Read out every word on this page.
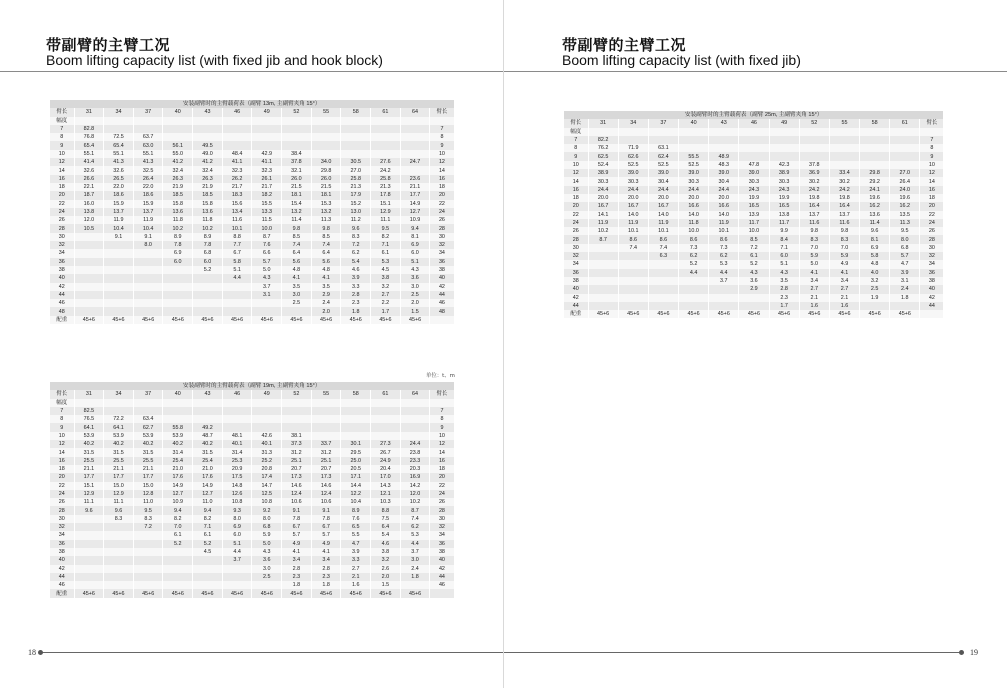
带副臂的主臂工况
Boom lifting capacity list (with fixed jib and hook block)
安装副臂时的主臂载荷表（副臂 13m, 主副臂夹角 15°）													
臂长	31	34	37	40	43	46	49	52	55	58	61	64	臂长
幅度													
7	82.8												7
8	76.8	72.5	63.7										8
9	65.4	65.4	63.0	56.1	49.5								9
10	55.1	55.1	55.1	55.0	49.0	48.4	42.9	38.4					10
12	41.4	41.3	41.3	41.2	41.2	41.1	41.1	37.8	34.0	30.5	27.6	24.7	12
14	32.6	32.6	32.5	32.4	32.4	32.3	32.3	32.1	29.8	27.0	24.2		14
16	26.6	26.5	26.4	26.3	26.3	26.2	26.1	26.0	26.0	25.8	25.8	23.6	16
18	22.1	22.0	22.0	21.9	21.9	21.7	21.7	21.5	21.5	21.3	21.3	21.1	18
20	18.7	18.6	18.6	18.5	18.5	18.3	18.2	18.1	18.1	17.9	17.8	17.7	20
22	16.0	15.9	15.9	15.8	15.8	15.6	15.5	15.4	15.3	15.2	15.1	14.9	22
24	13.8	13.7	13.7	13.6	13.6	13.4	13.3	13.2	13.2	13.0	12.9	12.7	24
26	12.0	11.9	11.9	11.8	11.8	11.6	11.5	11.4	11.3	11.2	11.1	10.9	26
28	10.5	10.4	10.4	10.2	10.2	10.1	10.0	9.8	9.8	9.6	9.5	9.4	28
30		9.1	9.1	8.9	8.9	8.8	8.7	8.5	8.5	8.3	8.2	8.1	30
32			8.0	7.8	7.8	7.7	7.6	7.4	7.4	7.2	7.1	6.9	32
34				6.9	6.8	6.7	6.6	6.4	6.4	6.2	6.1	6.0	34
36				6.0	6.0	5.8	5.7	5.6	5.6	5.4	5.3	5.1	36
38					5.2	5.1	5.0	4.8	4.8	4.6	4.5	4.3	38
40						4.4	4.3	4.1	4.1	3.9	3.8	3.6	40
42							3.7	3.5	3.5	3.3	3.2	3.0	42
44							3.1	3.0	2.9	2.8	2.7	2.5	44
46								2.5	2.4	2.3	2.2	2.0	46
48									2.0	1.8	1.7	1.5	48
配重	45+6	45+6	45+6	45+6	45+6	45+6	45+6	45+6	45+6	45+6	45+6	45+6	
单位：t、m
安装副臂时的主臂载荷表（副臂 19m, 主副臂夹角 15°）													
臂长	31	34	37	40	43	46	49	52	55	58	61	64	臂长
幅度													
7	82.5												7
8	76.5	72.2	63.4										8
9	64.1	64.1	62.7	55.8	49.2								9
10	53.9	53.9	53.9	53.9	48.7	48.1	42.6	38.1					10
12	40.2	40.2	40.2	40.2	40.2	40.1	40.1	37.3	33.7	30.1	27.3	24.4	12
14	31.5	31.5	31.5	31.4	31.5	31.4	31.3	31.2	31.2	29.5	26.7	23.8	14
16	25.5	25.5	25.5	25.4	25.4	25.3	25.2	25.1	25.1	25.0	24.9	23.3	16
18	21.1	21.1	21.1	21.0	21.0	20.9	20.8	20.7	20.7	20.5	20.4	20.3	18
20	17.7	17.7	17.7	17.6	17.6	17.5	17.4	17.3	17.3	17.1	17.0	16.9	20
22	15.1	15.0	15.0	14.9	14.9	14.8	14.7	14.6	14.6	14.4	14.3	14.2	22
24	12.9	12.9	12.8	12.7	12.7	12.6	12.5	12.4	12.4	12.2	12.1	12.0	24
26	11.1	11.1	11.0	10.9	11.0	10.8	10.8	10.6	10.6	10.4	10.3	10.2	26
28	9.6	9.6	9.5	9.4	9.4	9.3	9.2	9.1	9.1	8.9	8.8	8.7	28
30		8.3	8.3	8.2	8.2	8.0	8.0	7.8	7.8	7.6	7.5	7.4	30
32			7.2	7.0	7.1	6.9	6.8	6.7	6.7	6.5	6.4	6.2	32
34				6.1	6.1	6.0	5.9	5.7	5.7	5.5	5.4	5.3	34
36				5.2	5.2	5.1	5.0	4.9	4.9	4.7	4.6	4.4	36
38					4.5	4.4	4.3	4.1	4.1	3.9	3.8	3.7	38
40						3.7	3.6	3.4	3.4	3.3	3.2	3.0	40
42							3.0	2.8	2.8	2.7	2.6	2.4	42
44							2.5	2.3	2.3	2.1	2.0	1.8	44
46								1.8	1.8	1.6	1.5		46
配重	45+6	45+6	45+6	45+6	45+6	45+6	45+6	45+6	45+6	45+6	45+6	45+6	
18
带副臂的主臂工况
Boom lifting capacity list (with fixed jib)
安装副臂时的主臂载荷表（副臂 25m, 主副臂夹角 15°）												
臂长	31	34	37	40	43	46	49	52	55	58	61	臂长
幅度												
7	82.2											7
8	76.2	71.9	63.1									8
9	62.5	62.6	62.4	55.5	48.9							9
10	52.4	52.5	52.5	52.5	48.3	47.8	42.3	37.8				10
12	38.9	39.0	39.0	39.0	39.0	39.0	38.9	36.9	33.4	29.8	27.0	12
14	30.3	30.3	30.4	30.3	30.4	30.3	30.3	30.2	30.2	29.2	26.4	14
16	24.4	24.4	24.4	24.4	24.4	24.3	24.3	24.2	24.2	24.1	24.0	16
18	20.0	20.0	20.0	20.0	20.0	19.9	19.9	19.8	19.8	19.6	19.6	18
20	16.7	16.7	16.7	16.6	16.6	16.5	16.5	16.4	16.4	16.2	16.2	20
22	14.1	14.0	14.0	14.0	14.0	13.9	13.8	13.7	13.7	13.6	13.5	22
24	11.9	11.9	11.9	11.8	11.9	11.7	11.7	11.6	11.6	11.4	11.3	24
26	10.2	10.1	10.1	10.0	10.1	10.0	9.9	9.8	9.8	9.6	9.5	26
28	8.7	8.6	8.6	8.6	8.6	8.5	8.4	8.3	8.3	8.1	8.0	28
30		7.4	7.4	7.3	7.3	7.2	7.1	7.0	7.0	6.9	6.8	30
32			6.3	6.2	6.2	6.1	6.0	5.9	5.9	5.8	5.7	32
34				5.2	5.3	5.2	5.1	5.0	4.9	4.8	4.7	34
36				4.4	4.4	4.3	4.3	4.1	4.1	4.0	3.9	36
38					3.7	3.6	3.5	3.4	3.4	3.2	3.1	38
40						2.9	2.8	2.7	2.7	2.5	2.4	40
42							2.3	2.1	2.1	1.9	1.8	42
44							1.7	1.6	1.6			44
配重	45+6	45+6	45+6	45+6	45+6	45+6	45+6	45+6	45+6	45+6	45+6	
19
